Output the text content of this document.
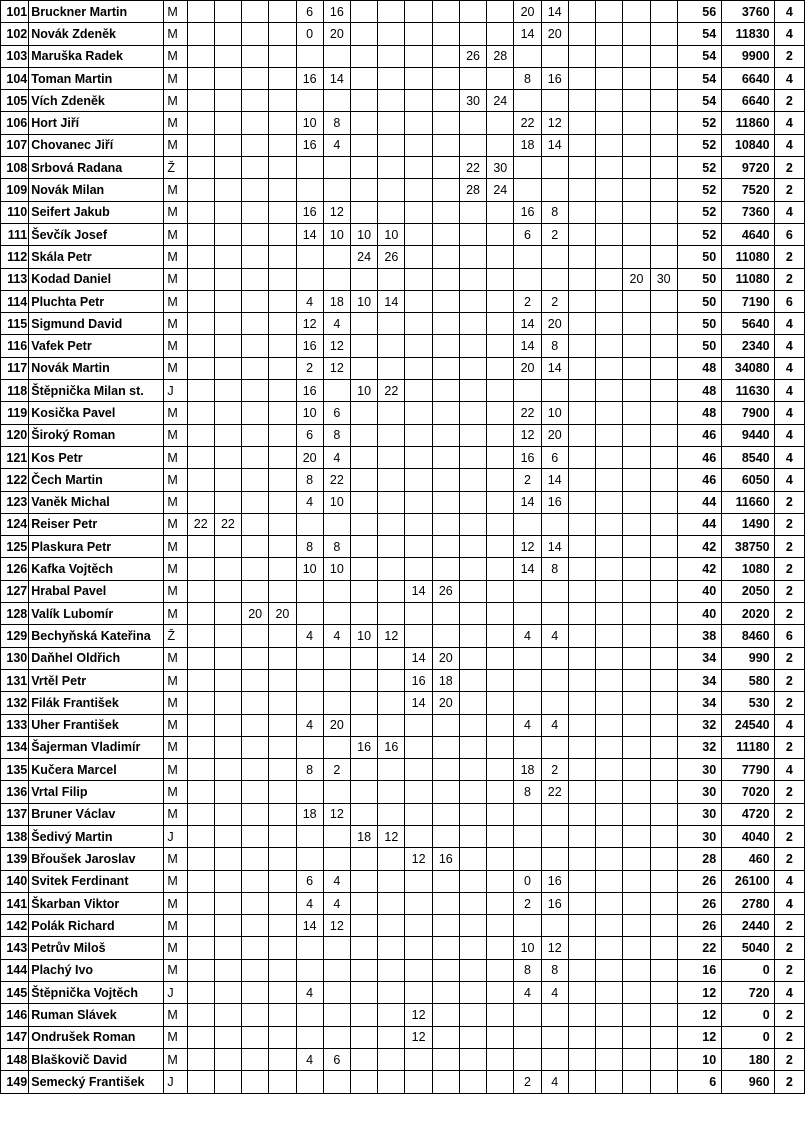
101	Bruckner Martin	M					6	16							20	14					56	3760	4
102	Novák Zdeněk	M					0	20							14	20					54	11830	4
103	Maruška Radek	M											26	28							54	9900	2
104	Toman Martin	M					16	14							8	16					54	6640	4
105	Vích Zdeněk	M											30	24							54	6640	2
106	Hort Jiří	M					10	8							22	12					52	11860	4
107	Chovanec Jiří	M					16	4							18	14					52	10840	4
108	Srbová Radana	Ž											22	30							52	9720	2
109	Novák Milan	M											28	24							52	7520	2
110	Seifert Jakub	M					16	12							16	8					52	7360	4
111	Ševčík Josef	M					14	10	10	10					6	2					52	4640	6
112	Skála Petr	M							24	26											50	11080	2
113	Kodad Daniel	M																	20	30	50	11080	2
114	Pluchta Petr	M					4	18	10	14					2	2					50	7190	6
115	Sigmund David	M					12	4							14	20					50	5640	4
116	Vafek Petr	M					16	12							14	8					50	2340	4
117	Novák Martin	M					2	12							20	14					48	34080	4
118	Štěpnička Milan st.	J					16		10	22											48	11630	4
119	Kosička Pavel	M					10	6							22	10					48	7900	4
120	Široký Roman	M					6	8							12	20					46	9440	4
121	Kos Petr	M					20	4							16	6					46	8540	4
122	Čech Martin	M					8	22							2	14					46	6050	4
123	Vaněk Michal	M					4	10							14	16					44	11660	2
124	Reiser Petr	M	22	22																	44	1490	2
125	Plaskura Petr	M					8	8							12	14					42	38750	2
126	Kafka Vojtěch	M					10	10							14	8					42	1080	2
127	Hrabal Pavel	M									14	26									40	2050	2
128	Valík Lubomír	M			20	20															40	2020	2
129	Bechyňská Kateřina	Ž					4	4	10	12					4	4					38	8460	6
130	Daňhel Oldřich	M									14	20									34	990	2
131	Vrtěl Petr	M									16	18									34	580	2
132	Filák František	M									14	20									34	530	2
133	Uher František	M					4	20							4	4					32	24540	4
134	Šajerman Vladimír	M							16	16											32	11180	2
135	Kučera Marcel	M					8	2							18	2					30	7790	4
136	Vrtal Filip	M													8	22					30	7020	2
137	Bruner Václav	M					18	12													30	4720	2
138	Šedivý Martin	J							18	12											30	4040	2
139	Břoušek Jaroslav	M									12	16									28	460	2
140	Svitek Ferdinant	M					6	4							0	16					26	26100	4
141	Škarban Viktor	M					4	4							2	16					26	2780	4
142	Polák Richard	M					14	12													26	2440	2
143	Petrův Miloš	M													10	12					22	5040	2
144	Plachý Ivo	M													8	8					16	0	2
145	Štěpnička Vojtěch	J					4								4	4					12	720	4
146	Ruman Slávek	M									12										12	0	2
147	Ondrušek Roman	M									12										12	0	2
148	Blaškovič David	M					4	6													10	180	2
149	Semecký František	J													2	4					6	960	2
